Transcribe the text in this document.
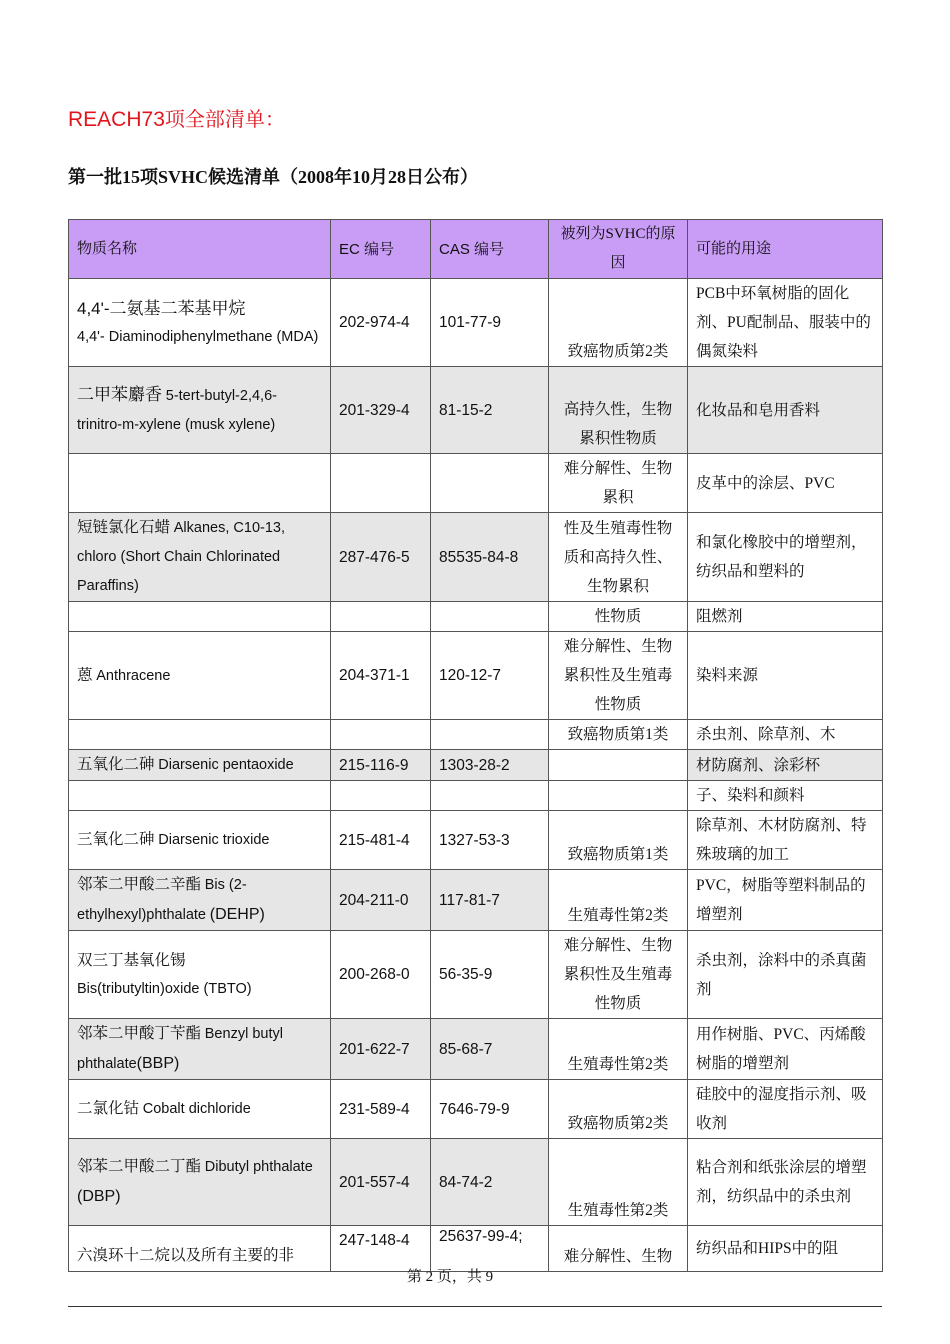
REACH73项全部清单：
第一批15项SVHC候选清单（2008年10月28日公布）
物质名称	EC 编号	CAS 编号	被列为SVHC的原因	可能的用途

4,4'-二氨基二苯基甲烷
4,4'- Diaminodiphenylmethane (MDA)	202-974-4	101-77-9	致癌物质第2类	PCB中环氧树脂的固化剂、PU配制品、服装中的偶氮染料
二甲苯麝香 5-tert-butyl-2,4,6-trinitro-m-xylene (musk xylene)	201-329-4	81-15-2	高持久性，生物累积性物质	化妆品和皂用香料
			难分解性、生物累积	皮革中的涂层、PVC
短链氯化石蜡 Alkanes, C10-13, chloro (Short Chain Chlorinated Paraffins)	287-476-5	85535-84-8	性及生殖毒性物质和高持久性、生物累积	和氯化橡胶中的增塑剂，纺织品和塑料的
			性物质	阻燃剂
蒽 Anthracene	204-371-1	120-12-7	难分解性、生物累积性及生殖毒性物质	染料来源
			致癌物质第1类	杀虫剂、除草剂、木
五氧化二砷 Diarsenic pentaoxide	215-116-9	1303-28-2		材防腐剂、涂彩杯
				子、染料和颜料
三氧化二砷 Diarsenic trioxide	215-481-4	1327-53-3	致癌物质第1类	除草剂、木材防腐剂、特殊玻璃的加工
邻苯二甲酸二辛酯 Bis (2-ethylhexyl)phthalate (DEHP)	204-211-0	117-81-7	生殖毒性第2类	PVC，树脂等塑料制品的增塑剂

双三丁基氧化锡
Bis(tributyltin)oxide (TBTO)	200-268-0	56-35-9	难分解性、生物累积性及生殖毒性物质	杀虫剂，涂料中的杀真菌剂
邻苯二甲酸丁苄酯 Benzyl butyl phthalate(BBP)	201-622-7	85-68-7	生殖毒性第2类	用作树脂、PVC、丙烯酸树脂的增塑剂
二氯化钴 Cobalt dichloride	231-589-4	7646-79-9	致癌物质第2类	硅胶中的湿度指示剂、吸收剂
邻苯二甲酸二丁酯 Dibutyl phthalate (DBP)	201-557-4	84-74-2	生殖毒性第2类	粘合剂和纸张涂层的增塑剂，纺织品中的杀虫剂
六溴环十二烷以及所有主要的非	247-148-4	25637-99-4;	难分解性、生物	纺织品和HIPS中的阻
第 2 页，共 9
